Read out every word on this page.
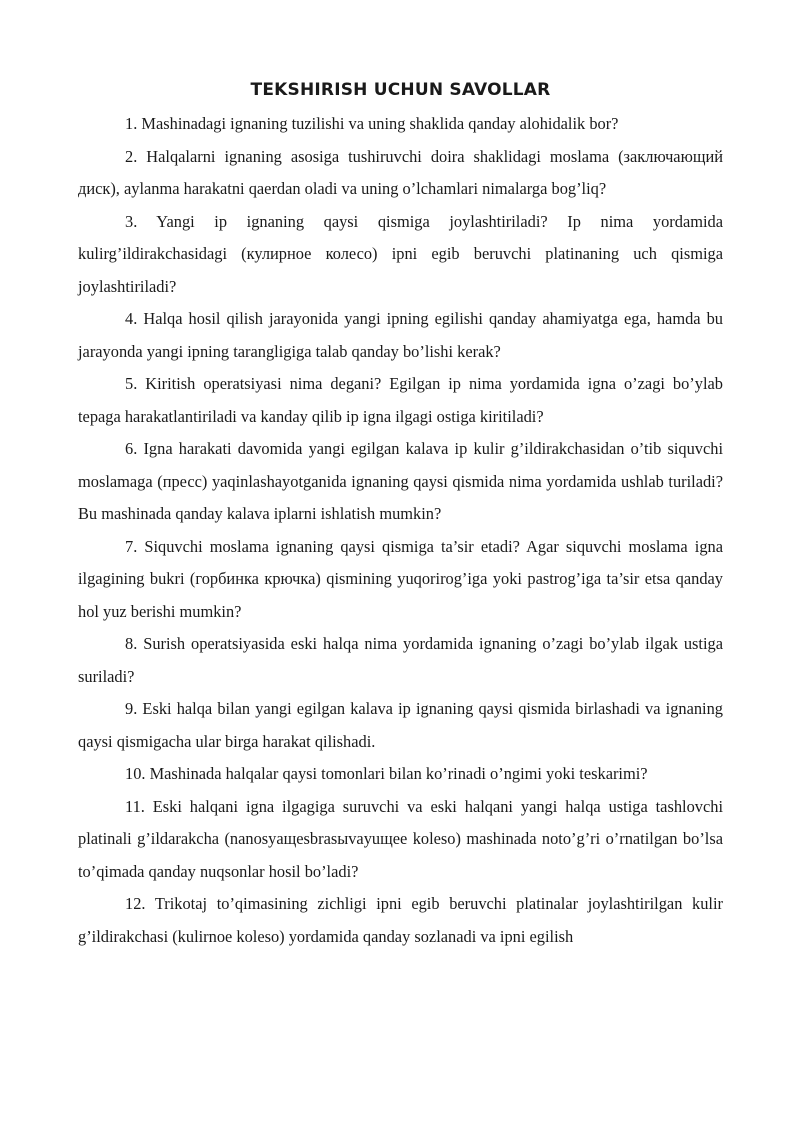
TEKSHIRISH UCHUN SAVOLLAR

1. Mashinadagi ignaning tuzilishi va uning shaklida qanday alohidalik bor?

2. Halqalarni ignaning asosiga tushiruvchi doira shaklidagi moslama (заключающий диск), aylanma harakatni qaerdan oladi va uning o’lchamlari nimalarga bog’liq?

3. Yangi ip ignaning qaysi qismiga joylashtiriladi? Ip nima yordamida kulirg’ildirakchasidagi (кулирное колесо) ipni egib beruvchi platinaning uch qismiga joylashtiriladi?

4. Halqa hosil qilish jarayonida yangi ipning egilishi qanday ahamiyatga ega, hamda bu jarayonda yangi ipning tarangligiga talab qanday bo’lishi kerak?

5. Kiritish operatsiyasi nima degani? Egilgan ip nima yordamida igna o’zagi bo’ylab tepaga harakatlantiriladi va kanday qilib ip igna ilgagi ostiga kiritiladi?

6. Igna harakati davomida yangi egilgan kalava ip kulir g’ildirakchasidan o’tib siquvchi moslamaga (пресс) yaqinlashayotganida ignaning qaysi qismida nima yordamida ushlab turiladi? Bu mashinada qanday kalava iplarni ishlatish mumkin?

7. Siquvchi moslama ignaning qaysi qismiga ta’sir etadi? Agar siquvchi moslama igna ilgagining bukri (горбинка крючка) qismining yuqorirog’iga yoki pastrog’iga ta’sir etsa qanday hol yuz berishi mumkin?

8. Surish operatsiyasida eski halqa nima yordamida ignaning o’zagi bo’ylab ilgak ustiga suriladi?

9. Eski halqa bilan yangi egilgan kalava ip ignaning qaysi qismida birlashadi va ignaning qaysi qismigacha ular birga harakat qilishadi.

10. Mashinada halqalar qaysi tomonlari bilan ko’rinadi o’ngimi yoki teskarimi?

11. Eski halqani igna ilgagiga suruvchi va eski halqani yangi halqa ustiga tashlovchi platinali g’ildarakcha (nanosyaщesbrasыvayuщee koleso) mashinada noto’g’ri o’rnatilgan bo’lsa to’qimada qanday nuqsonlar hosil bo’ladi?

12. Trikotaj to’qimasining zichligi ipni egib beruvchi platinalar joylashtirilgan kulir g’ildirakchasi (kulirnoe koleso) yordamida qanday sozlanadi va ipni egilish
